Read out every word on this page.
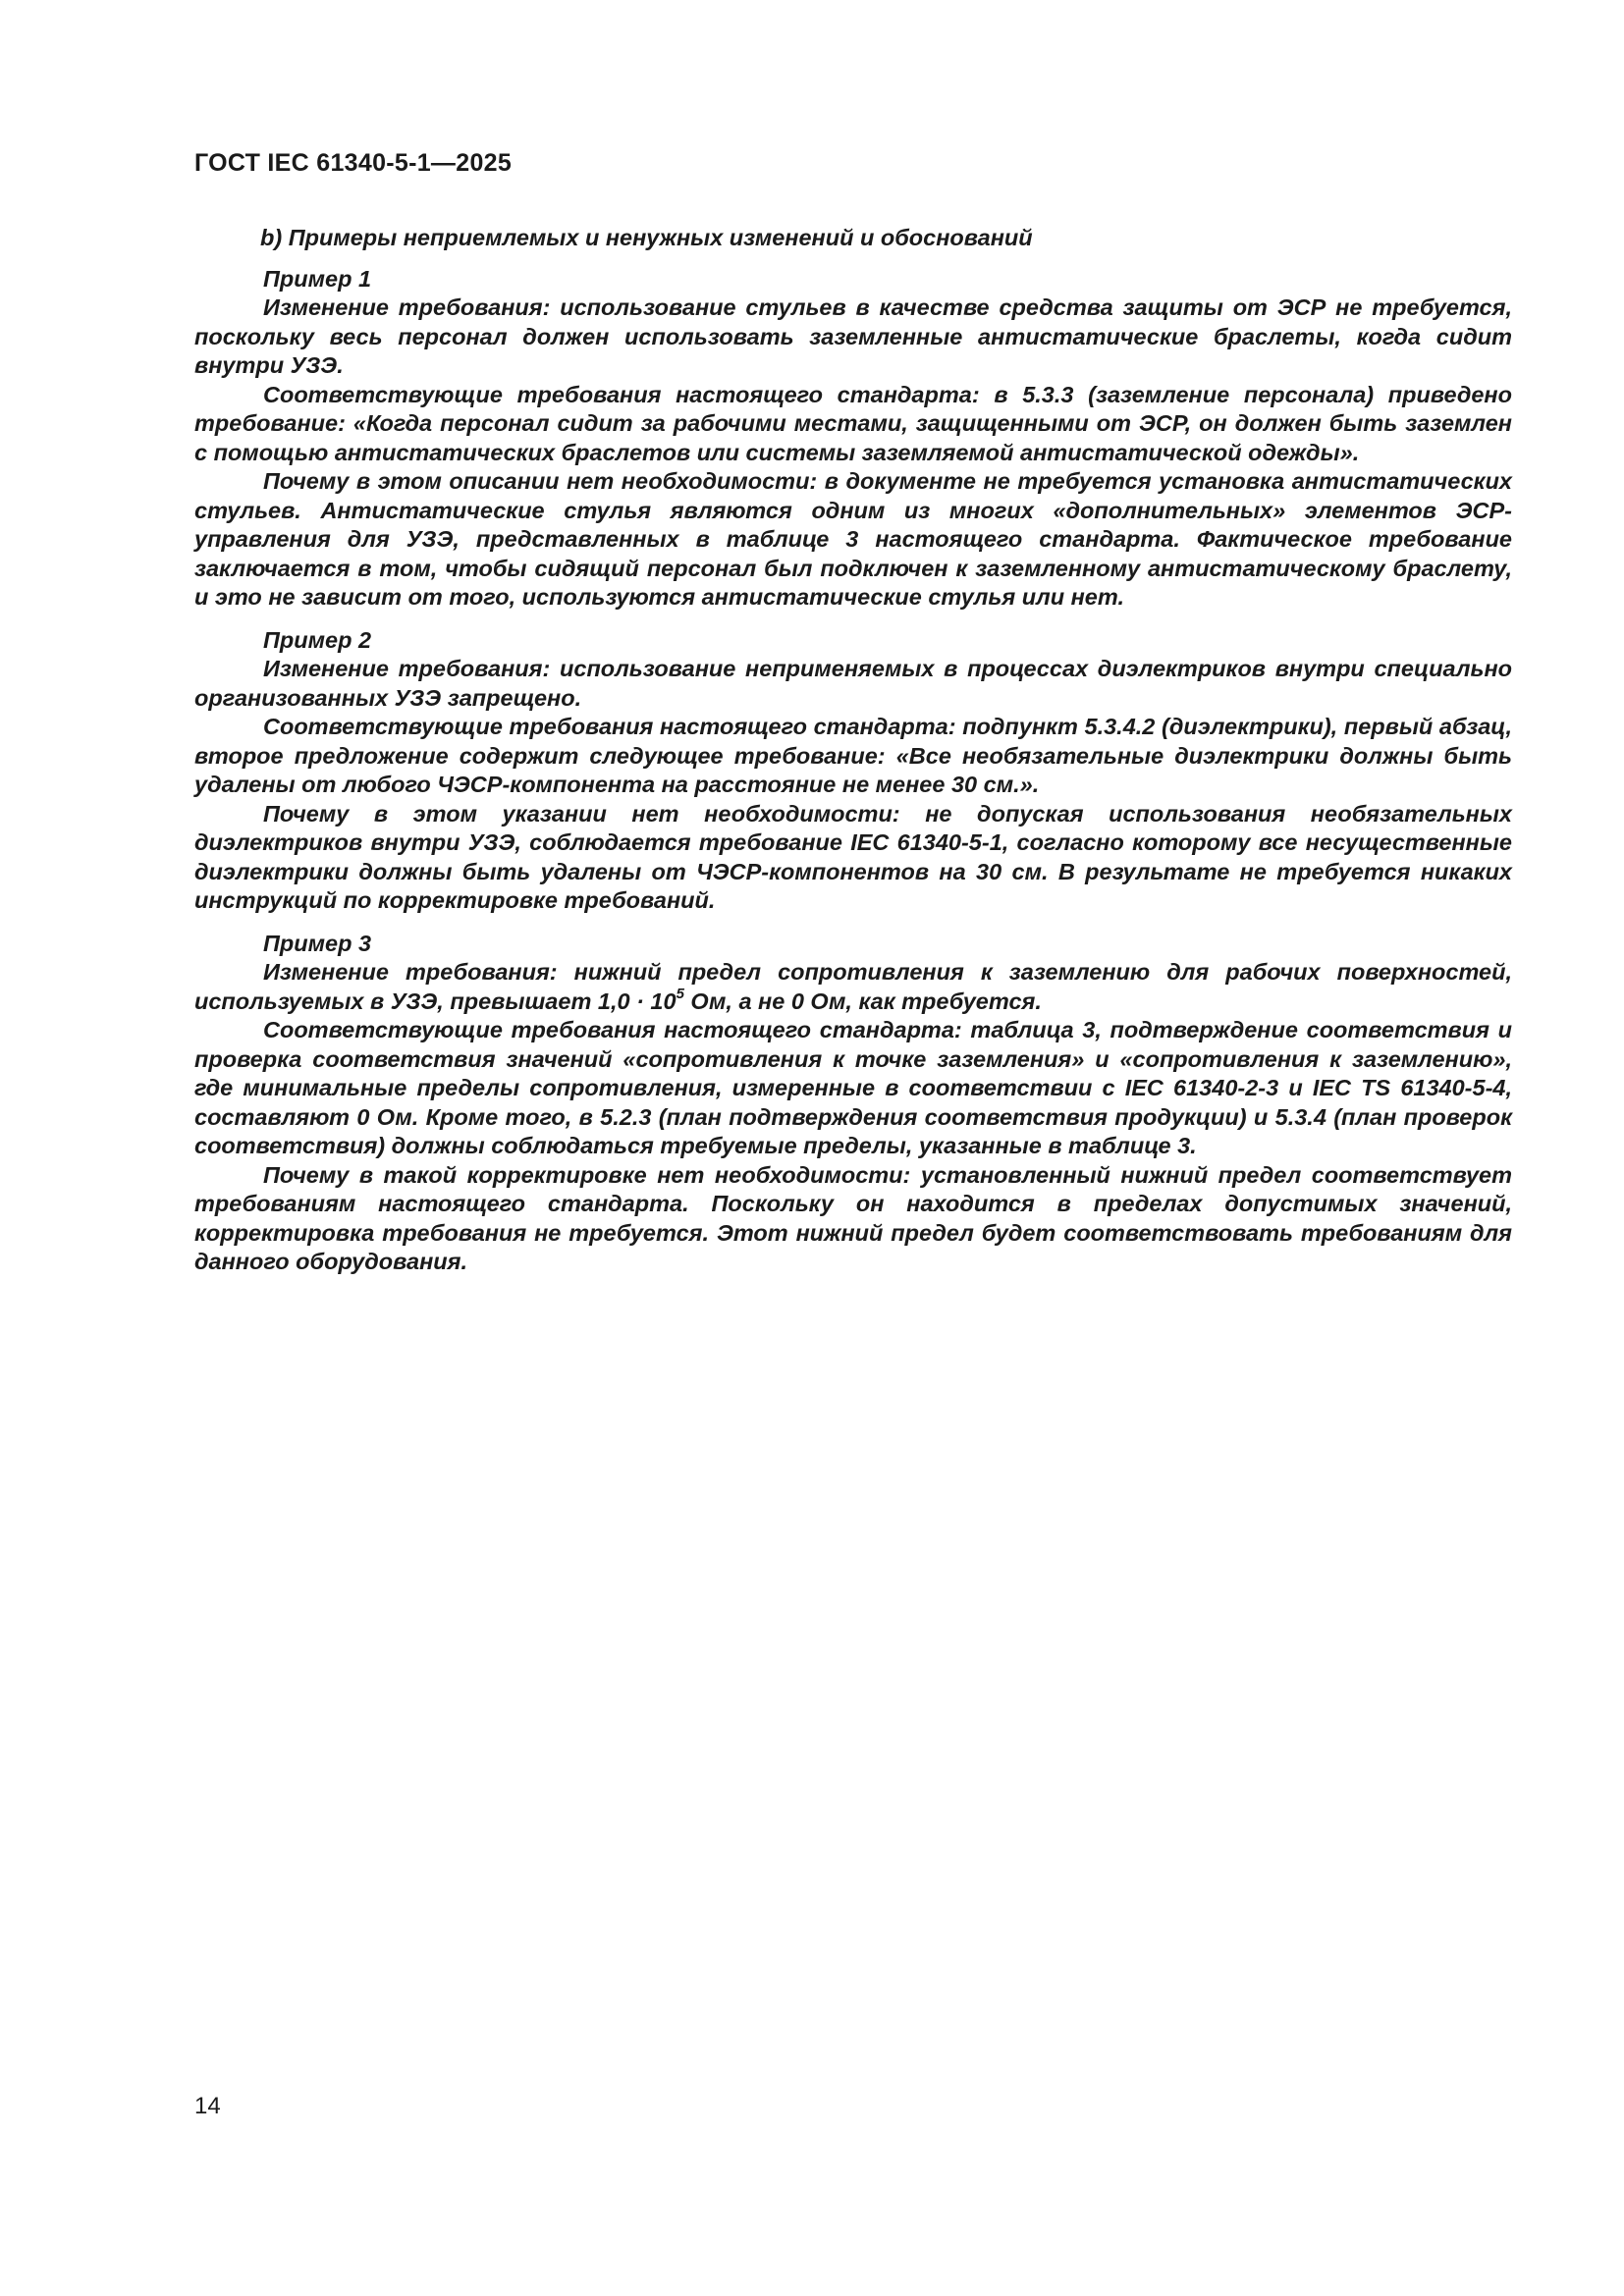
ГОСТ IEC 61340-5-1—2025

b) Примеры неприемлемых и ненужных изменений и обоснований

Пример 1

Изменение требования: использование стульев в качестве средства защиты от ЭСР не требуется, поскольку весь персонал должен использовать заземленные антистатические браслеты, когда сидит внутри УЗЭ.

Соответствующие требования настоящего стандарта: в 5.3.3 (заземление персонала) приведено требование: «Когда персонал сидит за рабочими местами, защищенными от ЭСР, он должен быть заземлен с помощью антистатических браслетов или системы заземляемой антистатической одежды».

Почему в этом описании нет необходимости: в документе не требуется установка антистатических стульев. Антистатические стулья являются одним из многих «дополнительных» элементов ЭСР-управления для УЗЭ, представленных в таблице 3 настоящего стандарта. Фактическое требование заключается в том, чтобы сидящий персонал был подключен к заземленному антистатическому браслету, и это не зависит от того, используются антистатические стулья или нет.

Пример 2

Изменение требования: использование неприменяемых в процессах диэлектриков внутри специально организованных УЗЭ запрещено.

Соответствующие требования настоящего стандарта: подпункт 5.3.4.2 (диэлектрики), первый абзац, второе предложение содержит следующее требование: «Все необязательные диэлектрики должны быть удалены от любого ЧЭСР-компонента на расстояние не менее 30 см.».

Почему в этом указании нет необходимости: не допуская использования необязательных диэлектриков внутри УЗЭ, соблюдается требование IEC 61340-5-1, согласно которому все несущественные диэлектрики должны быть удалены от ЧЭСР-компонентов на 30 см. В результате не требуется никаких инструкций по корректировке требований.

Пример 3

Изменение требования: нижний предел сопротивления к заземлению для рабочих поверхностей, используемых в УЗЭ, превышает $1,0 \cdot 10^5$ Ом, а не 0 Ом, как требуется.

Соответствующие требования настоящего стандарта: таблица 3, подтверждение соответствия и проверка соответствия значений «сопротивления к точке заземления» и «сопротивления к заземлению», где минимальные пределы сопротивления, измеренные в соответствии с IEC 61340-2-3 и IEC TS 61340-5-4, составляют 0 Ом. Кроме того, в 5.2.3 (план подтверждения соответствия продукции) и 5.3.4 (план проверок соответствия) должны соблюдаться требуемые пределы, указанные в таблице 3.

Почему в такой корректировке нет необходимости: установленный нижний предел соответствует требованиям настоящего стандарта. Поскольку он находится в пределах допустимых значений, корректировка требования не требуется. Этот нижний предел будет соответствовать требованиям для данного оборудования.

14
